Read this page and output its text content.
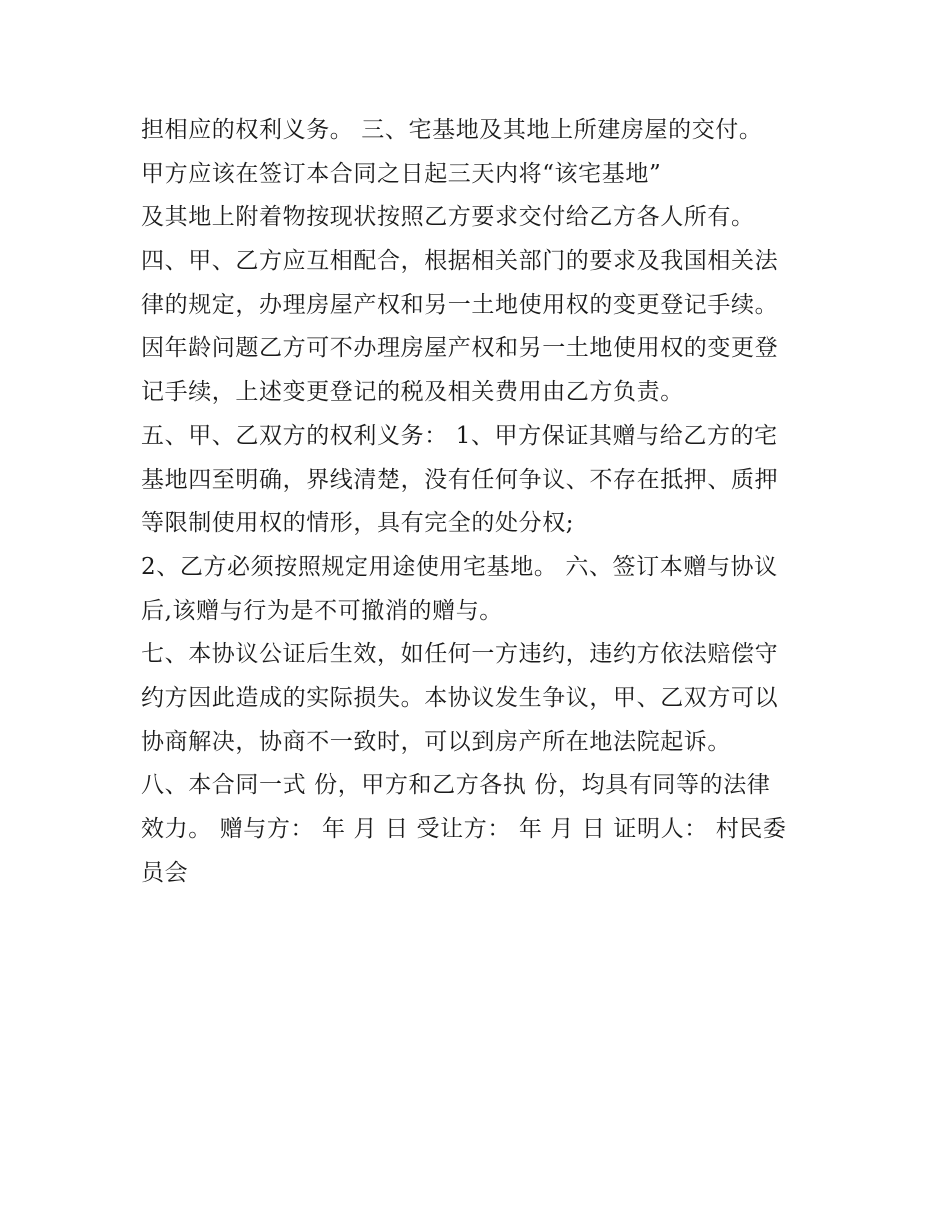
担相应的权利义务。 三、宅基地及其地上所建房屋的交付。
甲方应该在签订本合同之日起三天内将“该宅基地”
及其地上附着物按现状按照乙方要求交付给乙方各人所有。
四、甲、乙方应互相配合，根据相关部门的要求及我国相关法
律的规定，办理房屋产权和另一土地使用权的变更登记手续。
因年龄问题乙方可不办理房屋产权和另一土地使用权的变更登
记手续，上述变更登记的税及相关费用由乙方负责。
五、甲、乙双方的权利义务： 1、甲方保证其赠与给乙方的宅
基地四至明确，界线清楚，没有任何争议、不存在抵押、质押
等限制使用权的情形，具有完全的处分权;
2、乙方必须按照规定用途使用宅基地。 六、签订本赠与协议
后,该赠与行为是不可撤消的赠与。
七、本协议公证后生效，如任何一方违约，违约方依法赔偿守
约方因此造成的实际损失。本协议发生争议，甲、乙双方可以
协商解决，协商不一致时，可以到房产所在地法院起诉。
八、本合同一式 份，甲方和乙方各执 份，均具有同等的法律
效力。 赠与方： 年 月 日 受让方： 年 月 日 证明人： 村民委
员会
